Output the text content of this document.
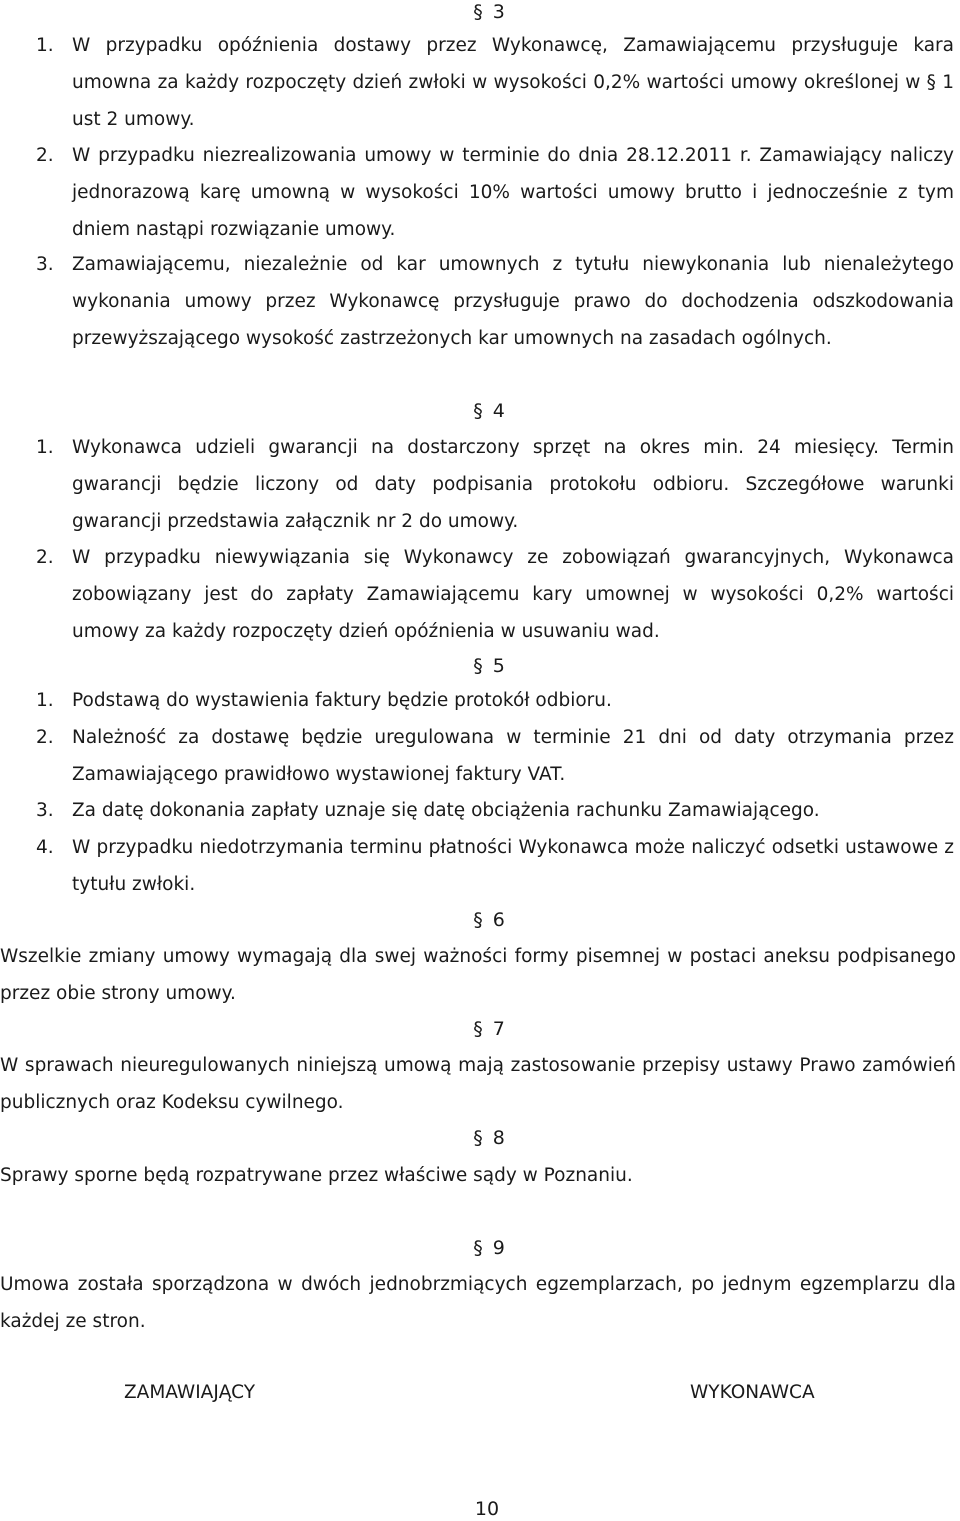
§ 3
1. W przypadku opóźnienia dostawy przez Wykonawcę, Zamawiającemu przysługuje kara umowna za każdy rozpoczęty dzień zwłoki w wysokości 0,2% wartości umowy określonej w § 1 ust 2 umowy.
2. W przypadku niezrealizowania umowy w terminie do dnia 28.12.2011 r. Zamawiający naliczy jednorazową karę umowną w wysokości 10% wartości umowy brutto i jednocześnie z tym dniem nastąpi rozwiązanie umowy.
3. Zamawiającemu, niezależnie od kar umownych z tytułu niewykonania lub nienależytego wykonania umowy przez Wykonawcę przysługuje prawo do dochodzenia odszkodowania przewyższającego wysokość zastrzeżonych kar umownych na zasadach ogólnych.
§ 4
1. Wykonawca udzieli gwarancji na dostarczony sprzęt na okres min. 24 miesięcy. Termin gwarancji będzie liczony od daty podpisania protokołu odbioru. Szczegółowe warunki gwarancji przedstawia załącznik nr 2 do umowy.
2. W przypadku niewywiązania się Wykonawcy ze zobowiązań gwarancyjnych, Wykonawca zobowiązany jest do zapłaty Zamawiającemu kary umownej w wysokości 0,2% wartości umowy za każdy rozpoczęty dzień opóźnienia w usuwaniu wad.
§ 5
1. Podstawą do wystawienia faktury będzie protokół odbioru.
2. Należność za dostawę będzie uregulowana w terminie 21 dni od daty otrzymania przez Zamawiającego prawidłowo wystawionej faktury VAT.
3. Za datę dokonania zapłaty uznaje się datę obciążenia rachunku Zamawiającego.
4. W przypadku niedotrzymania terminu płatności Wykonawca może naliczyć odsetki ustawowe z tytułu zwłoki.
§ 6
Wszelkie zmiany umowy wymagają dla swej ważności formy pisemnej w postaci aneksu podpisanego przez obie strony umowy.
§ 7
W sprawach nieuregulowanych niniejszą umową mają zastosowanie przepisy ustawy Prawo zamówień publicznych oraz Kodeksu cywilnego.
§ 8
Sprawy sporne będą rozpatrywane przez właściwe sądy w Poznaniu.
§ 9
Umowa została sporządzona w dwóch jednobrzmiących egzemplarzach, po jednym egzemplarzu dla każdej ze stron.
ZAMAWIAJĄCY	WYKONAWCA
10
